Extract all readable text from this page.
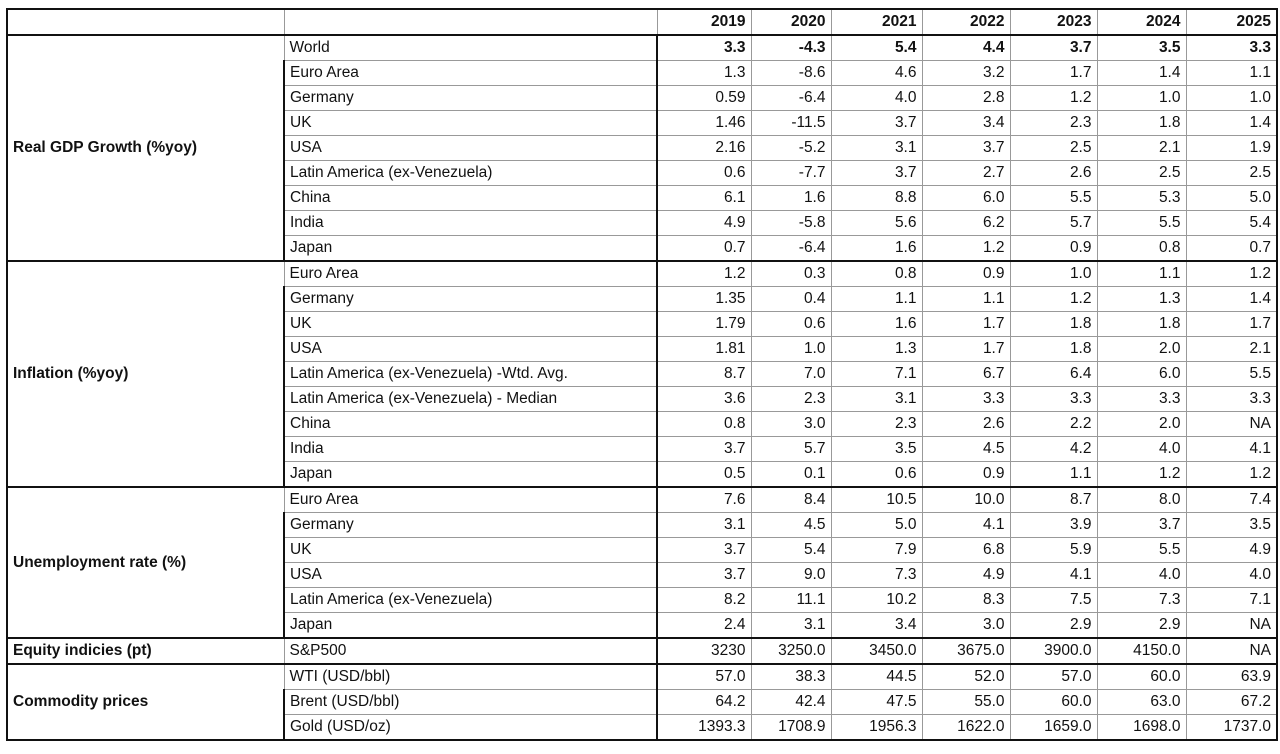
		2019	2020	2021	2022	2023	2024	2025
Real GDP Growth (%yoy)	World	3.3	-4.3	5.4	4.4	3.7	3.5	3.3
	Euro Area	1.3	-8.6	4.6	3.2	1.7	1.4	1.1
	Germany	0.59	-6.4	4.0	2.8	1.2	1.0	1.0
	UK	1.46	-11.5	3.7	3.4	2.3	1.8	1.4
	USA	2.16	-5.2	3.1	3.7	2.5	2.1	1.9
	Latin America (ex-Venezuela)	0.6	-7.7	3.7	2.7	2.6	2.5	2.5
	China	6.1	1.6	8.8	6.0	5.5	5.3	5.0
	India	4.9	-5.8	5.6	6.2	5.7	5.5	5.4
	Japan	0.7	-6.4	1.6	1.2	0.9	0.8	0.7
Inflation (%yoy)	Euro Area	1.2	0.3	0.8	0.9	1.0	1.1	1.2
	Germany	1.35	0.4	1.1	1.1	1.2	1.3	1.4
	UK	1.79	0.6	1.6	1.7	1.8	1.8	1.7
	USA	1.81	1.0	1.3	1.7	1.8	2.0	2.1
	Latin America (ex-Venezuela) -Wtd. Avg.	8.7	7.0	7.1	6.7	6.4	6.0	5.5
	Latin America (ex-Venezuela) - Median	3.6	2.3	3.1	3.3	3.3	3.3	3.3
	China	0.8	3.0	2.3	2.6	2.2	2.0	NA
	India	3.7	5.7	3.5	4.5	4.2	4.0	4.1
	Japan	0.5	0.1	0.6	0.9	1.1	1.2	1.2
Unemployment rate (%)	Euro Area	7.6	8.4	10.5	10.0	8.7	8.0	7.4
	Germany	3.1	4.5	5.0	4.1	3.9	3.7	3.5
	UK	3.7	5.4	7.9	6.8	5.9	5.5	4.9
	USA	3.7	9.0	7.3	4.9	4.1	4.0	4.0
	Latin America (ex-Venezuela)	8.2	11.1	10.2	8.3	7.5	7.3	7.1
	Japan	2.4	3.1	3.4	3.0	2.9	2.9	NA
Equity indicies (pt)	S&P500	3230	3250.0	3450.0	3675.0	3900.0	4150.0	NA
Commodity prices	WTI (USD/bbl)	57.0	38.3	44.5	52.0	57.0	60.0	63.9
	Brent (USD/bbl)	64.2	42.4	47.5	55.0	60.0	63.0	67.2
	Gold (USD/oz)	1393.3	1708.9	1956.3	1622.0	1659.0	1698.0	1737.0
